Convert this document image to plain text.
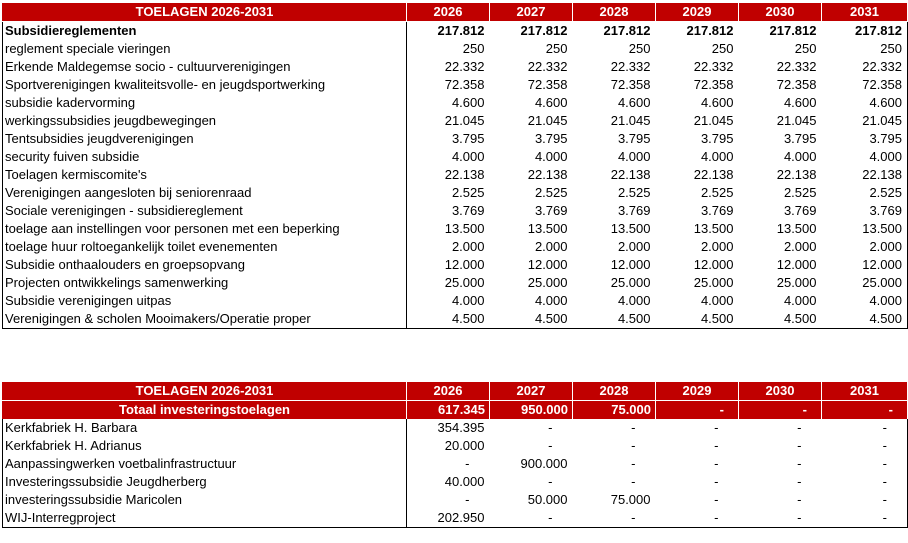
TOELAGEN 2026-2031	2026	2027	2028	2029	2030	2031
Subsidiereglementen	217.812	217.812	217.812	217.812	217.812	217.812
reglement speciale vieringen	250	250	250	250	250	250
Erkende Maldegemse socio - cultuurverenigingen	22.332	22.332	22.332	22.332	22.332	22.332
Sportverenigingen kwaliteitsvolle- en jeugdsportwerking	72.358	72.358	72.358	72.358	72.358	72.358
subsidie kadervorming	4.600	4.600	4.600	4.600	4.600	4.600
werkingssubsidies jeugdbewegingen	21.045	21.045	21.045	21.045	21.045	21.045
Tentsubsidies jeugdverenigingen	3.795	3.795	3.795	3.795	3.795	3.795
security fuiven subsidie	4.000	4.000	4.000	4.000	4.000	4.000
Toelagen kermiscomite's	22.138	22.138	22.138	22.138	22.138	22.138
Verenigingen aangesloten bij seniorenraad	2.525	2.525	2.525	2.525	2.525	2.525
Sociale verenigingen - subsidiereglement	3.769	3.769	3.769	3.769	3.769	3.769
toelage aan instellingen voor personen met een beperking	13.500	13.500	13.500	13.500	13.500	13.500
toelage huur roltoegankelijk toilet evenementen	2.000	2.000	2.000	2.000	2.000	2.000
Subsidie onthaalouders en groepsopvang	12.000	12.000	12.000	12.000	12.000	12.000
Projecten ontwikkelings samenwerking	25.000	25.000	25.000	25.000	25.000	25.000
Subsidie verenigingen uitpas	4.000	4.000	4.000	4.000	4.000	4.000
Verenigingen & scholen Mooimakers/Operatie proper	4.500	4.500	4.500	4.500	4.500	4.500
TOELAGEN 2026-2031	2026	2027	2028	2029	2030	2031
Totaal investeringstoelagen	617.345	950.000	75.000	-	-	-
Kerkfabriek H. Barbara	354.395	-	-	-	-	-
Kerkfabriek H. Adrianus	20.000	-	-	-	-	-
Aanpassingwerken voetbalinfrastructuur	-	900.000	-	-	-	-
Investeringssubsidie Jeugdherberg	40.000	-	-	-	-	-
investeringssubsidie Maricolen	-	50.000	75.000	-	-	-
WIJ-Interregproject	202.950	-	-	-	-	-
